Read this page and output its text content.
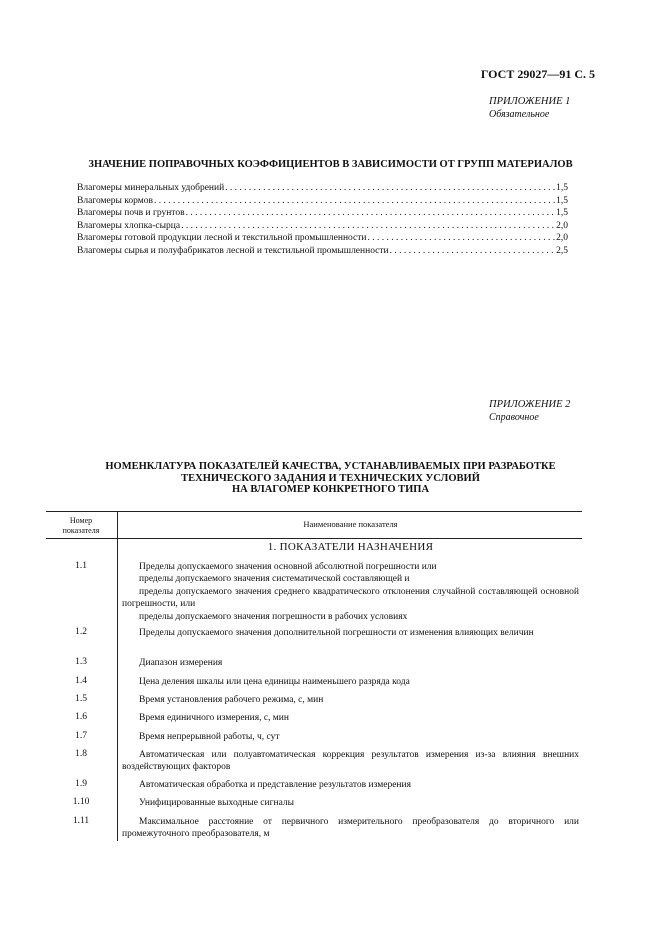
ГОСТ 29027—91 С. 5
ПРИЛОЖЕНИЕ 1
Обязательное
ЗНАЧЕНИЕ ПОПРАВОЧНЫХ КОЭФФИЦИЕНТОВ В ЗАВИСИМОСТИ ОТ ГРУПП МАТЕРИАЛОВ
Влагомеры минеральных удобрений . . .	1,5
Влагомеры кормов . . .	1,5
Влагомеры почв и грунтов . . .	1,5
Влагомеры хлопка-сырца . . .	2,0
Влагомеры готовой продукции лесной и текстильной промышленности . . .	2,0
Влагомеры сырья и полуфабрикатов лесной и текстильной промышленности . . .	2,5
ПРИЛОЖЕНИЕ 2
Справочное
НОМЕНКЛАТУРА ПОКАЗАТЕЛЕЙ КАЧЕСТВА, УСТАНАВЛИВАЕМЫХ ПРИ РАЗРАБОТКЕ
ТЕХНИЧЕСКОГО ЗАДАНИЯ И ТЕХНИЧЕСКИХ УСЛОВИЙ
НА ВЛАГОМЕР КОНКРЕТНОГО ТИПА
Номер
показателя
Наименование показателя
1. ПОКАЗАТЕЛИ НАЗНАЧЕНИЯ
1.1	Пределы допускаемого значения основной абсолютной погрешности или

пределы допускаемого значения систематической составляющей и

пределы допускаемого значения среднего квадратического отклонения случайной составляющей основной погрешности, или

пределы допускаемого значения погрешности в рабочих условиях

1.2	Пределы допускаемого значения дополнительной погрешности от изменения влияющих величин

1.3	Диапазон измерения

1.4	Цена деления шкалы или цена единицы наименьшего разряда кода

1.5	Время установления рабочего режима, с, мин

1.6	Время единичного измерения, с, мин

1.7	Время непрерывной работы, ч, сут

1.8	Автоматическая или полуавтоматическая коррекция результатов измерения из-за влияния внешних воздействующих факторов

1.9	Автоматическая обработка и представление результатов измерения

1.10	Унифицированные выходные сигналы

1.11	Максимальное расстояние от первичного измерительного преобразователя до вторичного или промежуточного преобразователя, м
